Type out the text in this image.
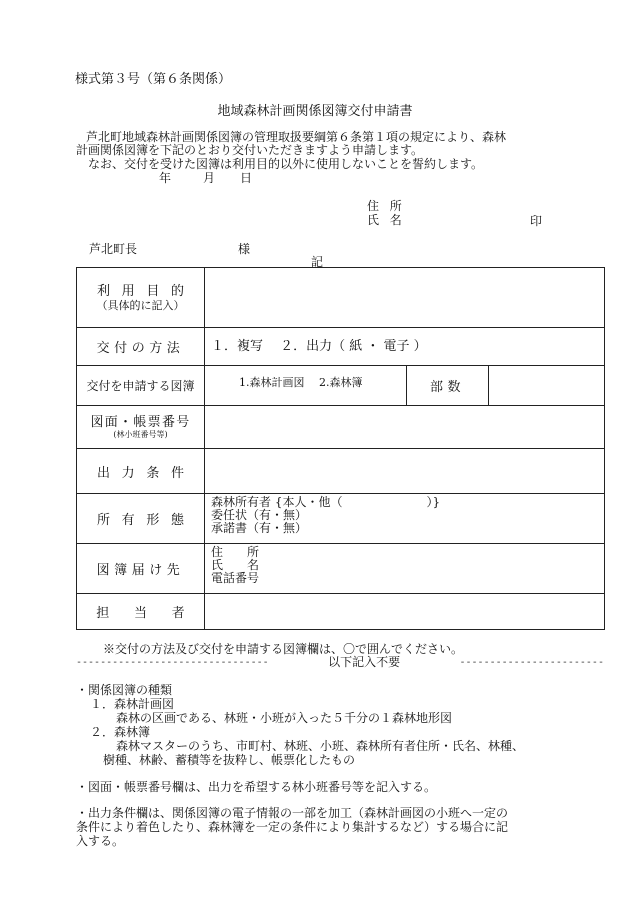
様式第３号（第６条関係）
地域森林計画関係図簿交付申請書
芦北町地域森林計画関係図簿の管理取扱要綱第６条第１項の規定により、森林
計画関係図簿を下記のとおり交付いただきますよう申請します。
なお、交付を受けた図簿は利用目的以外に使用しないことを誓約します。
年	月 日
住所
氏名	印
芦北町長	様
記
利用目的
（具体的に記入）			

交付の方法	１．複写　 ２．出力（ 紙 ・ 電子 ）		

交付を申請する図簿	1.森林計画図　 2.森林簿	部数	

図面・帳票番号
(林小班番号等)			

出力条件			
所有形態	森林所有者 {本人・他（　　　　　　　）}
委任状（有・無）
承諾書（有・無）		

図簿届け先	住　　所
氏　　名
電話番号		

担当者			
※交付の方法及び交付を申請する図簿欄は、〇で囲んでください。
--------------------------------	以下記入不要	------------------------
・関係図簿の種類
１．森林計画図
森林の区画である、林班・小班が入った５千分の１森林地形図
２．森林簿
森林マスターのうち、市町村、林班、小班、森林所有者住所・氏名、林種、
樹種、林齢、蓄積等を抜粋し、帳票化したもの
・図面・帳票番号欄は、出力を希望する林小班番号等を記入する。
・出力条件欄は、関係図簿の電子情報の一部を加工（森林計画図の小班へ一定の
条件により着色したり、森林簿を一定の条件により集計するなど）する場合に記
入する。
